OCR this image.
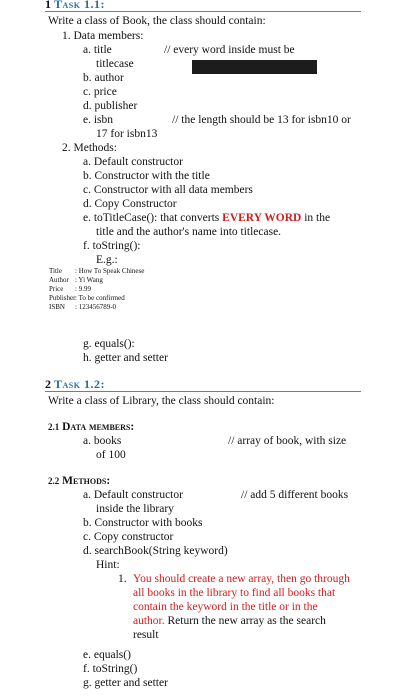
1 Task 1.1:
Write a class of Book, the class should contain:
1. Data members:
a. title	// every word inside must be
titlecase
b. author
c. price
d. publisher
e. isbn	// the length should be 13 for isbn10 or
17 for isbn13
2. Methods:
a. Default constructor
b. Constructor with the title
c. Constructor with all data members
d. Copy Constructor
e. toTitleCase(): that converts EVERY WORD in the
title and the author's name into titlecase.
f. toString():
E.g.:
Title : How To Speak Chinese
Author : Yi Wang
Price : 9.99
Publisher: To be confirmed
ISBN : 123456789-0
g. equals():
h. getter and setter
2 Task 1.2:
Write a class of Library, the class should contain:
2.1 Data members:
a. books	// array of book, with size
of 100
2.2 Methods:
a. Default constructor	// add 5 different books
inside the library
b. Constructor with books
c. Copy constructor
d. searchBook(String keyword)
Hint:
1. You should create a new array, then go through
all books in the library to find all books that
contain the keyword in the title or in the
author. Return the new array as the search
result
e. equals()
f. toString()
g. getter and setter
